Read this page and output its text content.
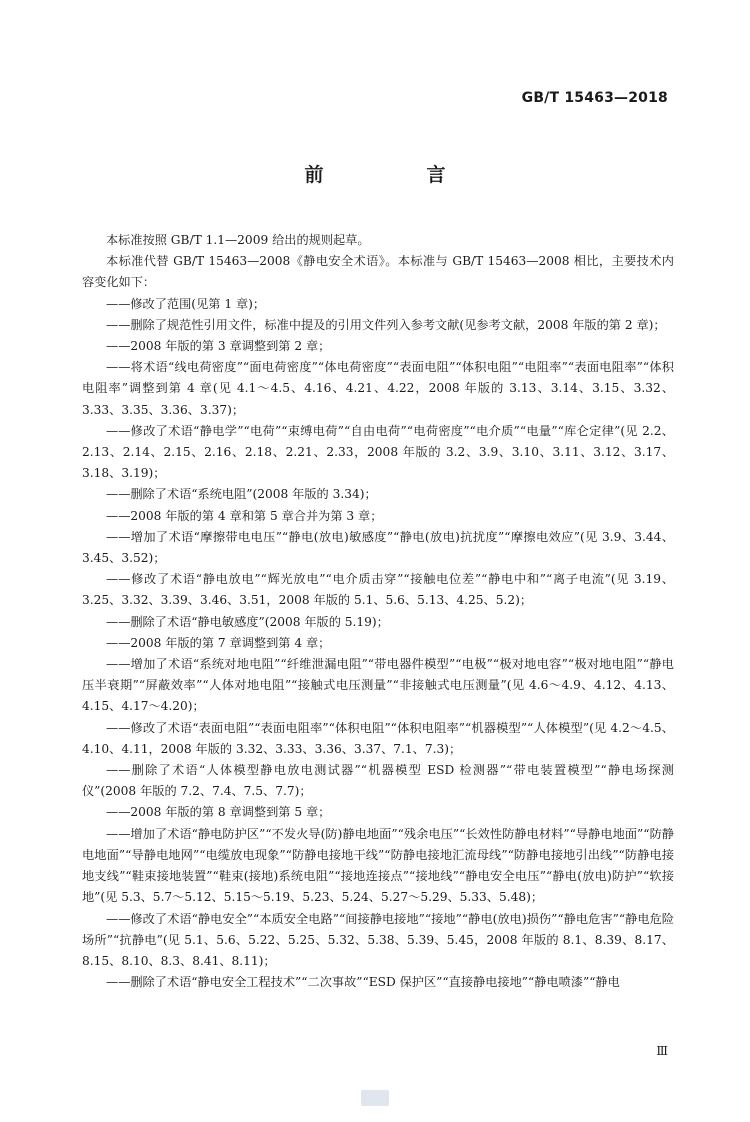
GB/T 15463—2018
前　言

本标准按照 GB/T 1.1—2009 给出的规则起草。

本标准代替 GB/T 15463—2008《静电安全术语》。本标准与 GB/T 15463—2008 相比，主要技术内容变化如下：

——修改了范围(见第 1 章)；

——删除了规范性引用文件，标准中提及的引用文件列入参考文献(见参考文献，2008 年版的第 2 章)；

——2008 年版的第 3 章调整到第 2 章；

——将术语“线电荷密度”“面电荷密度”“体电荷密度”“表面电阻”“体积电阻”“电阻率”“表面电阻率”“体积电阻率”调整到第 4 章(见 4.1～4.5、4.16、4.21、4.22，2008 年版的 3.13、3.14、3.15、3.32、3.33、3.35、3.36、3.37)；

——修改了术语“静电学”“电荷”“束缚电荷”“自由电荷”“电荷密度”“电介质”“电量”“库仑定律”(见 2.2、2.13、2.14、2.15、2.16、2.18、2.21、2.33，2008 年版的 3.2、3.9、3.10、3.11、3.12、3.17、3.18、3.19)；

——删除了术语“系统电阻”(2008 年版的 3.34)；

——2008 年版的第 4 章和第 5 章合并为第 3 章；

——增加了术语“摩擦带电电压”“静电(放电)敏感度”“静电(放电)抗扰度”“摩擦电效应”(见 3.9、3.44、3.45、3.52)；

——修改了术语“静电放电”“辉光放电”“电介质击穿”“接触电位差”“静电中和”“离子电流”(见 3.19、3.25、3.32、3.39、3.46、3.51，2008 年版的 5.1、5.6、5.13、4.25、5.2)；

——删除了术语“静电敏感度”(2008 年版的 5.19)；

——2008 年版的第 7 章调整到第 4 章；

——增加了术语“系统对地电阻”“纤维泄漏电阻”“带电器件模型”“电极”“极对地电容”“极对地电阻”“静电压半衰期”“屏蔽效率”“人体对地电阻”“接触式电压测量”“非接触式电压测量”(见 4.6～4.9、4.12、4.13、4.15、4.17～4.20)；

——修改了术语“表面电阻”“表面电阻率”“体积电阻”“体积电阻率”“机器模型”“人体模型”(见 4.2～4.5、4.10、4.11，2008 年版的 3.32、3.33、3.36、3.37、7.1、7.3)；

——删除了术语“人体模型静电放电测试器”“机器模型 ESD 检测器”“带电装置模型”“静电场探测仪”(2008 年版的 7.2、7.4、7.5、7.7)；

——2008 年版的第 8 章调整到第 5 章；

——增加了术语“静电防护区”“不发火导(防)静电地面”“残余电压”“长效性防静电材料”“导静电地面”“防静电地面”“导静电地网”“电缆放电现象”“防静电接地干线”“防静电接地汇流母线”“防静电接地引出线”“防静电接地支线”“鞋束接地装置”“鞋束(接地)系统电阻”“接地连接点”“接地线”“静电安全电压”“静电(放电)防护”“软接地”(见 5.3、5.7～5.12、5.15～5.19、5.23、5.24、5.27～5.29、5.33、5.48)；

——修改了术语“静电安全”“本质安全电路”“间接静电接地”“接地”“静电(放电)损伤”“静电危害”“静电危险场所”“抗静电”(见 5.1、5.6、5.22、5.25、5.32、5.38、5.39、5.45，2008 年版的 8.1、8.39、8.17、8.15、8.10、8.3、8.41、8.11)；

——删除了术语“静电安全工程技术”“二次事故”“ESD 保护区”“直接静电接地”“静电喷漆”“静电

Ⅲ
